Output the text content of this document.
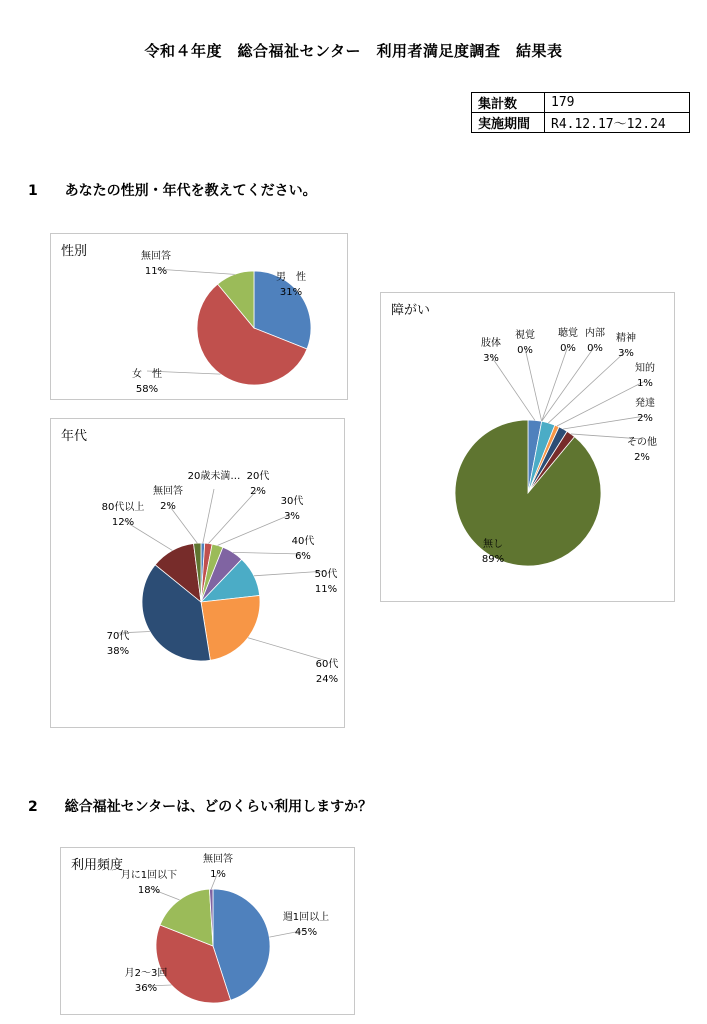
令和４年度　総合福祉センター　利用者満足度調査　結果表
集計数	179
実施期間	R4.12.17〜12.24
1 あなたの性別・年代を教えてください。
2 総合福祉センターは、どのくらい利用しますか？
性別
男　性
31%
女　性
58%
無回答
11%
年代
20歳未満… 20代
2%
30代
3%
40代
6%
50代
11%
60代
24%
70代
38%
80代以上
12%
無回答
2%
障がい
肢体
3%
視覚
0%
聴覚
0%
内部
0%
精神
3%
知的
1%
発達
2%
その他
2%
無し
89%
利用頻度
週1回以上
45%
月2〜3回
36%
月に1回以下
18%
無回答
1%
